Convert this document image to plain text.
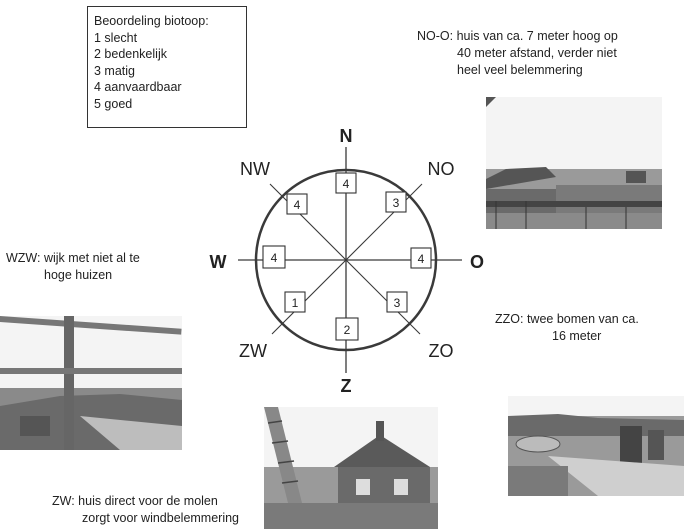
Beoordeling biotoop:
1 slecht
2 bedenkelijk
3 matig
4 aanvaardbaar
5 goed
N
NO
O
ZO
Z
ZW
W
NW
4
3
4
3
2
1
4
4
NO-O: huis van ca. 7 meter hoog op
40 meter afstand, verder niet
heel veel belemmering
WZW: wijk met niet al te
hoge huizen
ZZO: twee bomen van ca.
16 meter
ZW: huis direct voor de molen
zorgt voor windbelemmering
